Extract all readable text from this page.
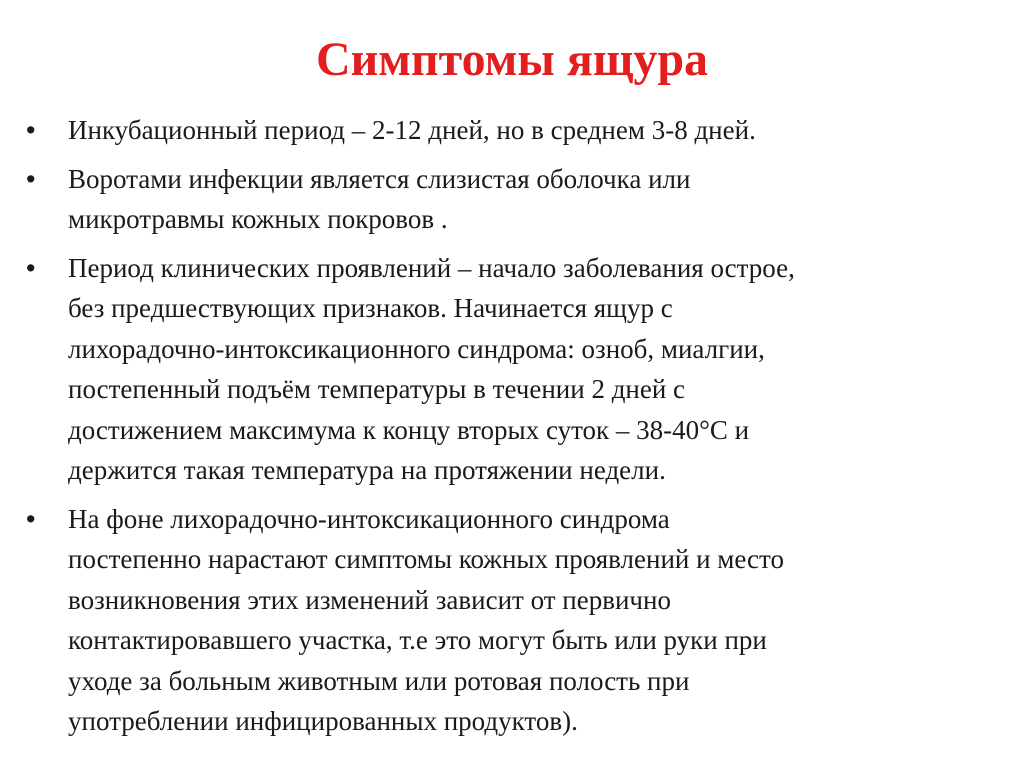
Симптомы ящура
•	Инкубационный период – 2-12 дней, но в среднем 3-8 дней.
•	Воротами инфекции является слизистая оболочка или
микротравмы кожных покровов .
•	Период клинических проявлений – начало заболевания острое,
без предшествующих признаков. Начинается ящур с
лихорадочно-интоксикационного синдрома: озноб, миалгии,
постепенный подъём температуры в течении 2 дней с
достижением максимума к концу вторых суток – 38-40°С и
держится такая температура на протяжении недели.
•	На фоне лихорадочно-интоксикационного синдрома
постепенно нарастают симптомы кожных проявлений и место
возникновения этих изменений зависит от первично
контактировавшего участка, т.е это могут быть или руки при
уходе за больным животным или ротовая полость при
употреблении инфицированных продуктов).
